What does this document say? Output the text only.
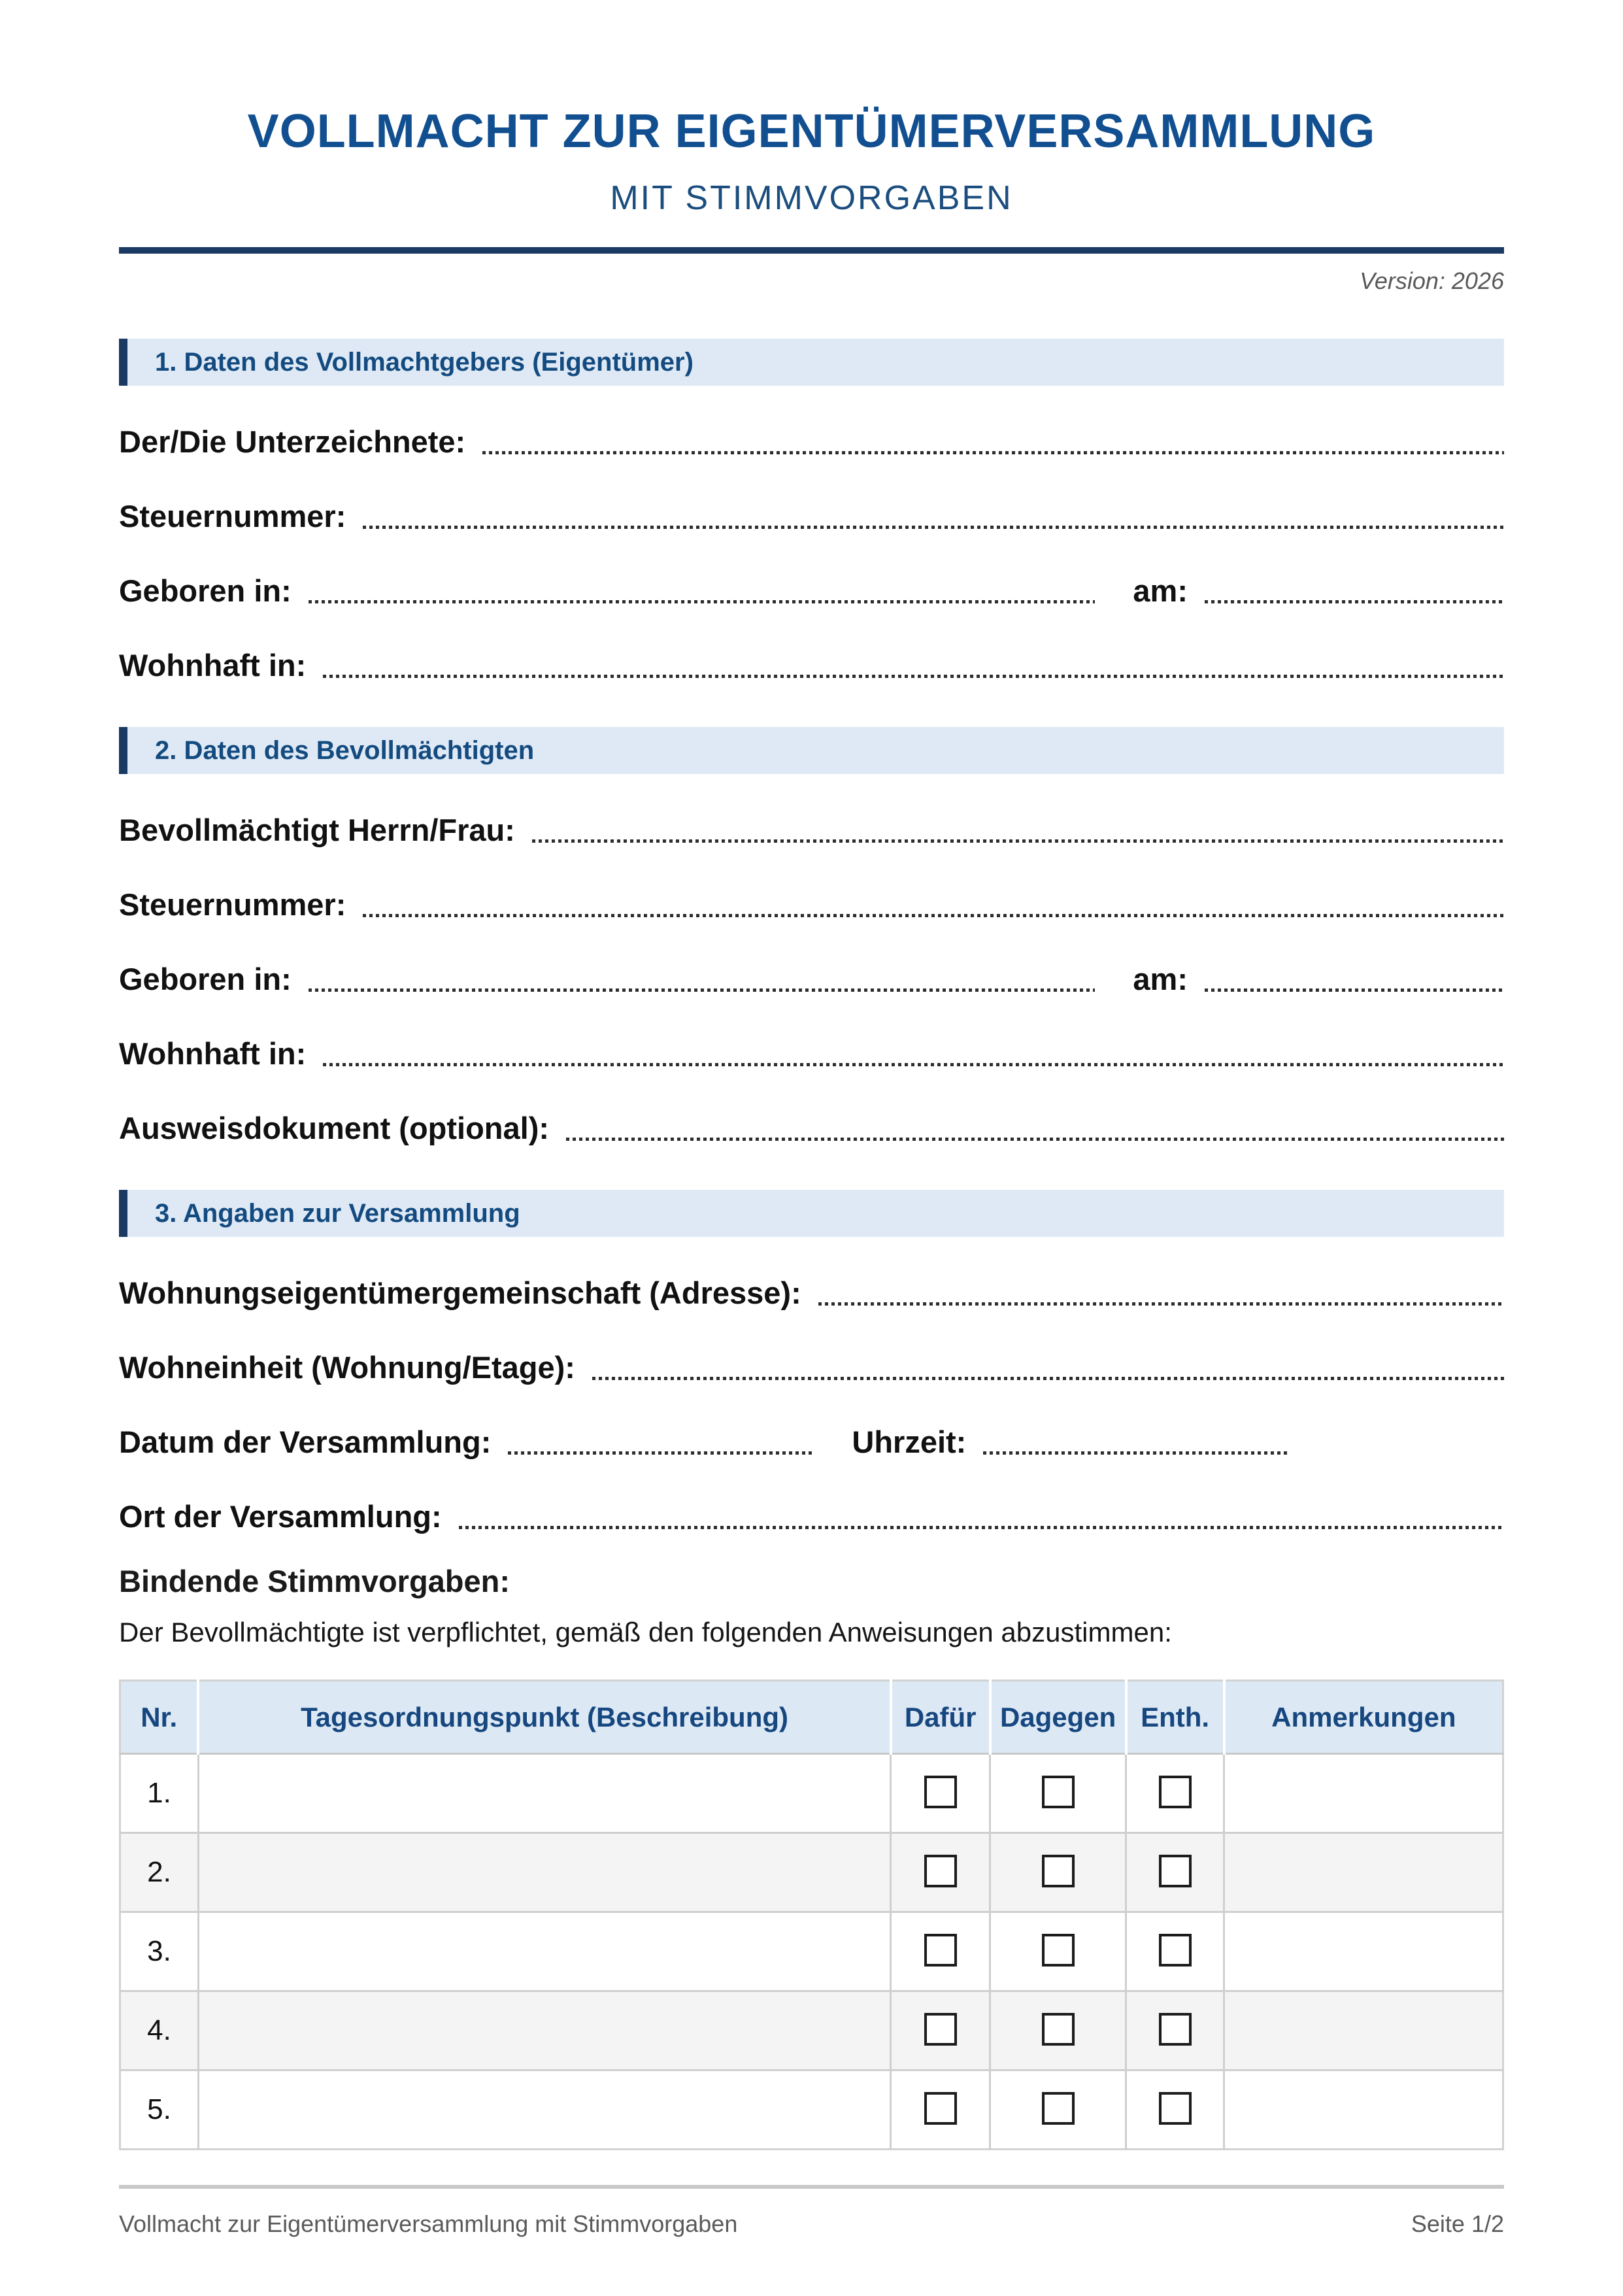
VOLLMACHT ZUR EIGENTÜMERVERSAMMLUNG
MIT STIMMVORGABEN
Version: 2026
1. Daten des Vollmachtgebers (Eigentümer)
Der/Die Unterzeichnete:
Steuernummer:
Geboren in:	am:
Wohnhaft in:
2. Daten des Bevollmächtigten
Bevollmächtigt Herrn/Frau:
Steuernummer:
Geboren in:	am:
Wohnhaft in:
Ausweisdokument (optional):
3. Angaben zur Versammlung
Wohnungseigentümergemeinschaft (Adresse):
Wohneinheit (Wohnung/Etage):
Datum der Versammlung:	Uhrzeit:
Ort der Versammlung:
Bindende Stimmvorgaben:
Der Bevollmächtigte ist verpflichtet, gemäß den folgenden Anweisungen abzustimmen:
Nr.	Tagesordnungspunkt (Beschreibung)	Dafür	Dagegen	Enth.	Anmerkungen
1.					
2.					
3.					
4.					
5.					
Vollmacht zur Eigentümerversammlung mit Stimmvorgaben	Seite 1/2
